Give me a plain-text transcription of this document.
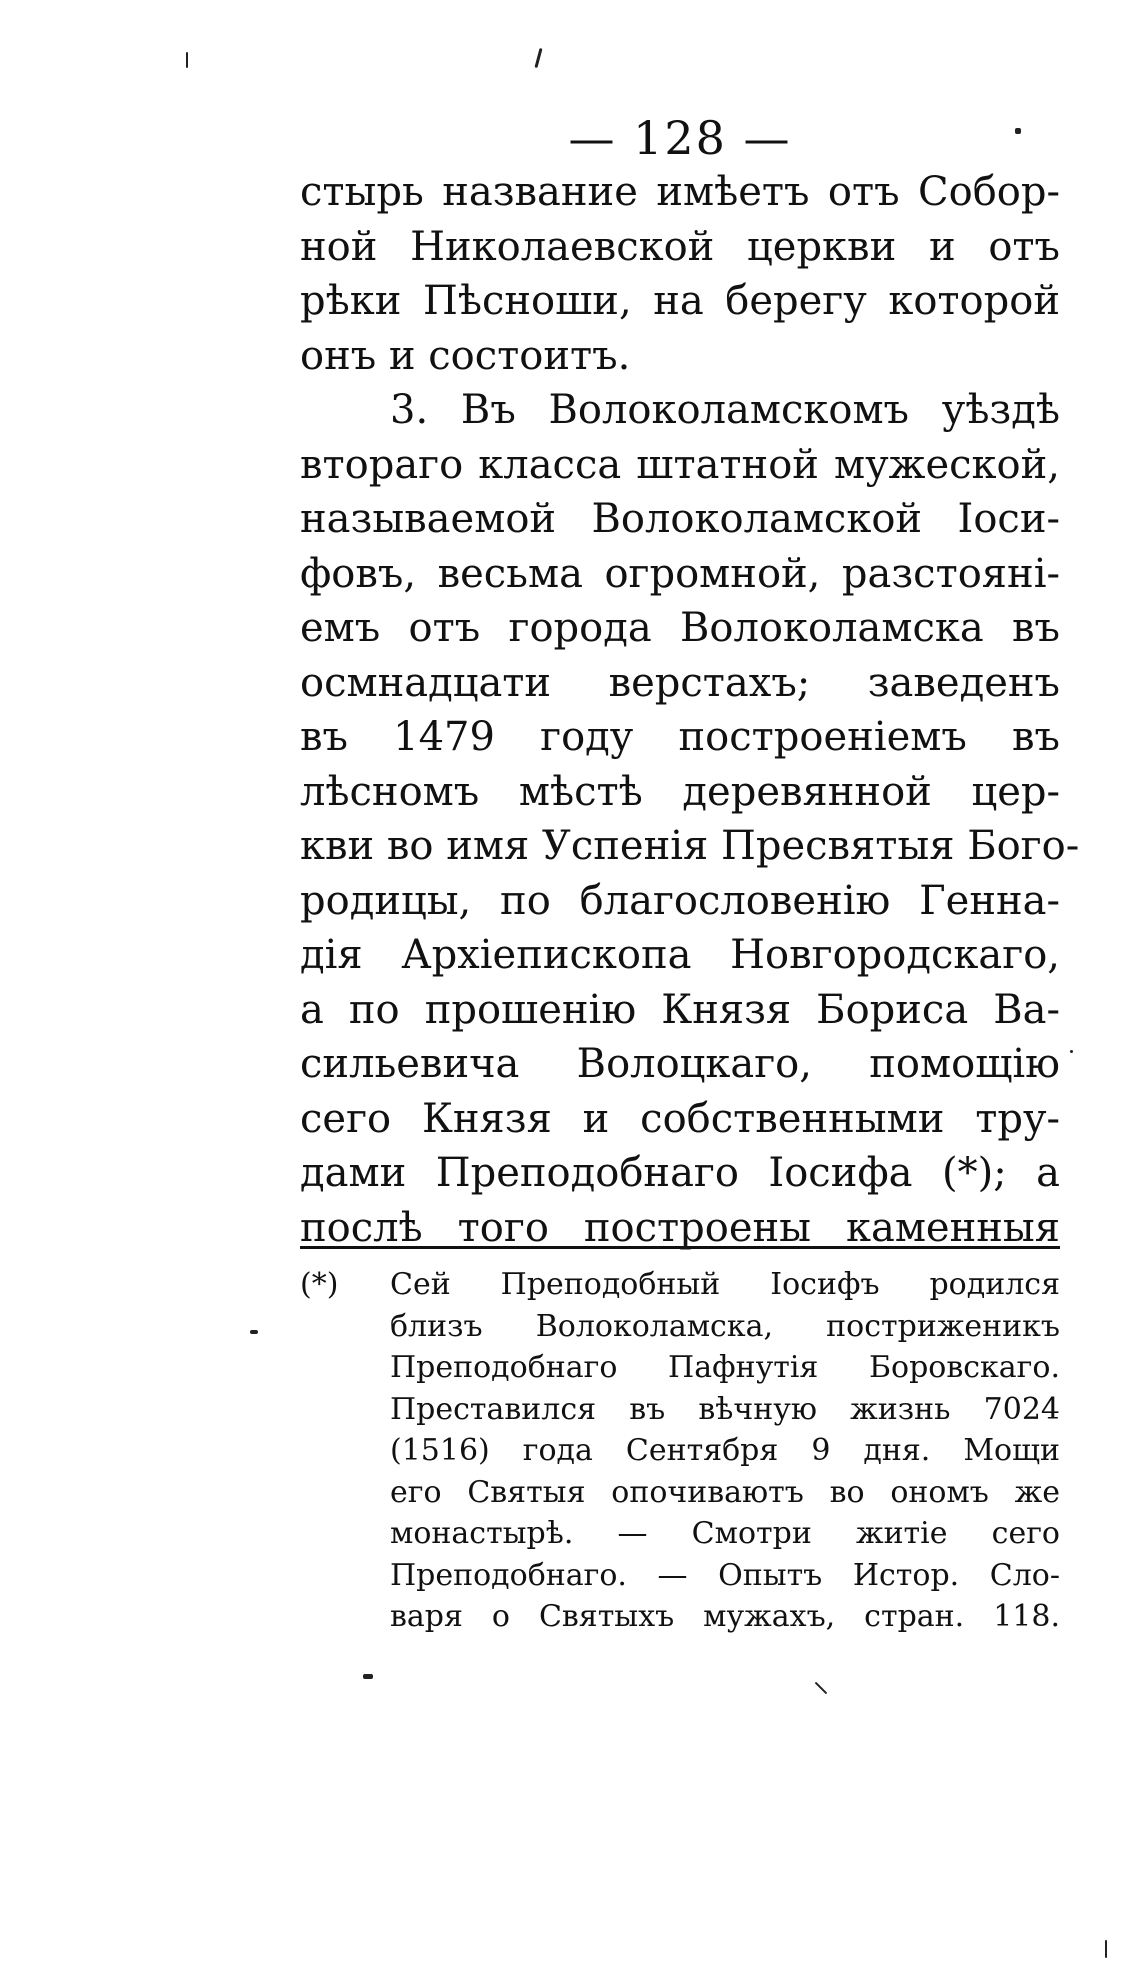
— 128 —
стырь название имѣетъ отъ Собор-
ной Николаевской церкви и отъ
рѣки Пѣсноши, на берегу которой
онъ и состоитъ.
3. Въ Волоколамскомъ уѣздѣ
втораго класса штатной мужеской,
называемой Волоколамской Іоси-
фовъ, весьма огромной, разстояні-
емъ отъ города Волоколамска въ
осмнадцати верстахъ; заведенъ
въ 1479 году построеніемъ въ
лѣсномъ мѣстѣ деревянной цер-
кви во имя Успенія Пресвятыя Бого-
родицы, по благословенію Генна-
дія Архіепископа Новгородскаго,
а по прошенію Князя Бориса Ва-
сильевича Волоцкаго, помощію
сего Князя и собственными тру-
дами Преподобнаго Іосифа (*); а
послѣ того построены каменныя
(*) Сей Преподобный Іосифъ родился
близъ Волоколамска, постриженикъ
Преподобнаго Пафнутія Боровскаго.
Преставился въ вѣчную жизнь 7024
(1516) года Сентября 9 дня. Мощи
его Святыя опочиваютъ во ономъ же
монастырѣ. — Смотри житіе сего
Преподобнаго. — Опытъ Истор. Сло-
варя о Святыхъ мужахъ, стран. 118.
